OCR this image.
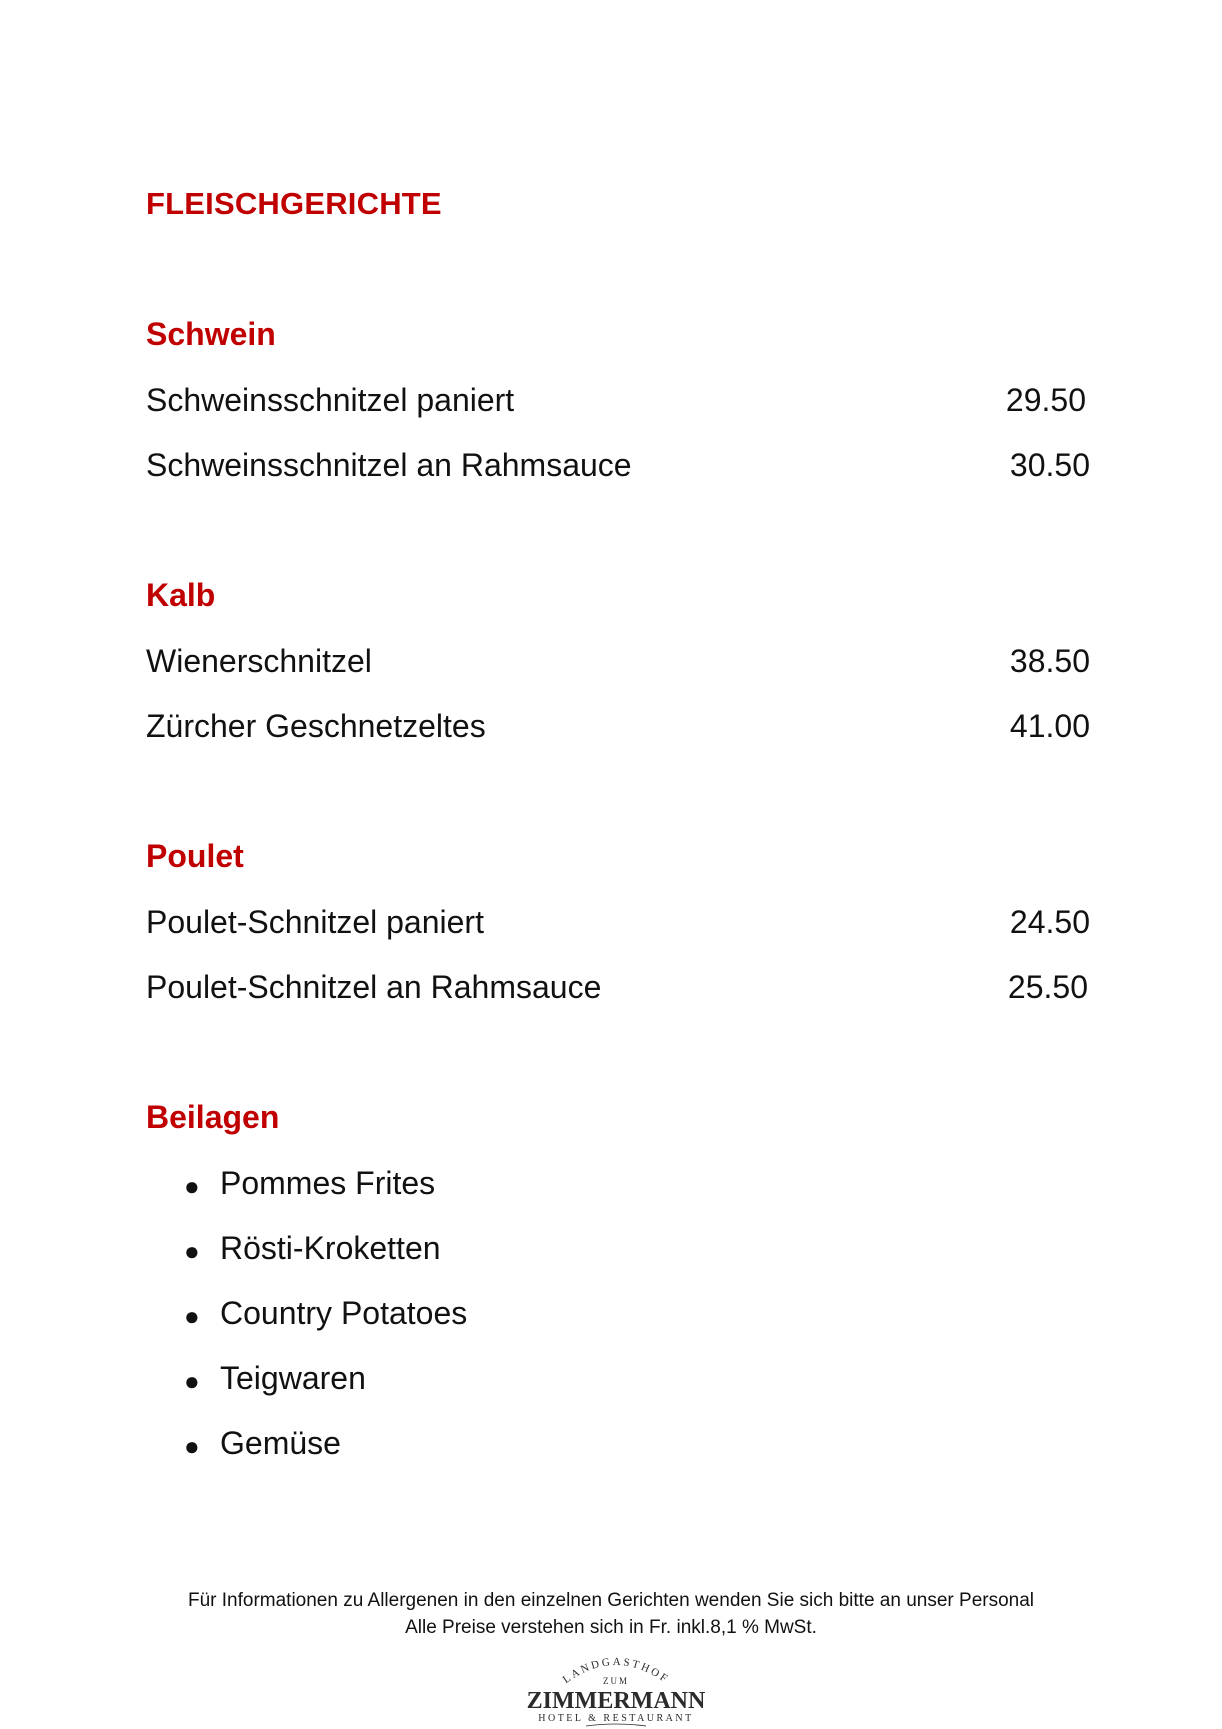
FLEISCHGERICHTE
Schwein
Schweinsschnitzel paniert	29.50
Schweinsschnitzel an Rahmsauce	30.50
Kalb
Wienerschnitzel	38.50
Zürcher Geschnetzeltes	41.00
Poulet
Poulet-Schnitzel paniert	24.50
Poulet-Schnitzel an Rahmsauce	25.50
Beilagen
● Pommes Frites
● Rösti-Kroketten
● Country Potatoes
● Teigwaren
● Gemüse
Für Informationen zu Allergenen in den einzelnen Gerichten wenden Sie sich bitte an unser Personal
Alle Preise verstehen sich in Fr. inkl.8,1 % MwSt.
LANDGASTHOF
ZUM
ZIMMERMANN
HOTEL & RESTAURANT
